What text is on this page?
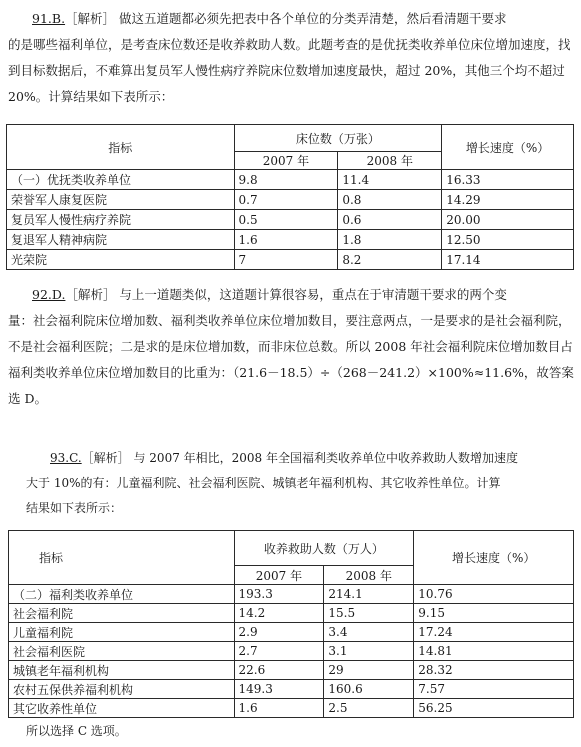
91.B.［解析］ 做这五道题都必须先把表中各个单位的分类弄清楚，然后看清题干要求

的是哪些福利单位，是考查床位数还是收养救助人数。此题考查的是优抚类收养单位床位增加速度，找到目标数据后，不难算出复员军人慢性病疗养院床位数增加速度最快，超过 20%，其他三个均不超过 20%。计算结果如下表所示：

指标	床位数（万张）		增长速度（%）
	2007 年	2008 年	
（一）优抚类收养单位	9.8	11.4	16.33
荣誉军人康复医院	0.7	0.8	14.29
复员军人慢性病疗养院	0.5	0.6	20.00
复退军人精神病院	1.6	1.8	12.50
光荣院	7	8.2	17.14

92.D.［解析］ 与上一道题类似，这道题计算很容易，重点在于审清题干要求的两个变

量：社会福利院床位增加数、福利类收养单位床位增加数目，要注意两点，一是要求的是社会福利院，不是社会福利医院；二是求的是床位增加数，而非床位总数。所以 2008 年社会福利院床位增加数目占福利类收养单位床位增加数目的比重为：（21.6－18.5）÷（268－241.2）×100%≈11.6%，故答案选 D。

93.C.［解析］ 与 2007 年相比，2008 年全国福利类收养单位中收养救助人数增加速度

大于 10%的有：儿童福利院、社会福利医院、城镇老年福利机构、其它收养性单位。计算

结果如下表所示：

指标	收养救助人数（万人）		增长速度（%）
	2007 年	2008 年	
（二）福利类收养单位	193.3	214.1	10.76
社会福利院	14.2	15.5	9.15
儿童福利院	2.9	3.4	17.24
社会福利医院	2.7	3.1	14.81
城镇老年福利机构	22.6	29	28.32
农村五保供养福利机构	149.3	160.6	7.57
其它收养性单位	1.6	2.5	56.25

所以选择 C 选项。
